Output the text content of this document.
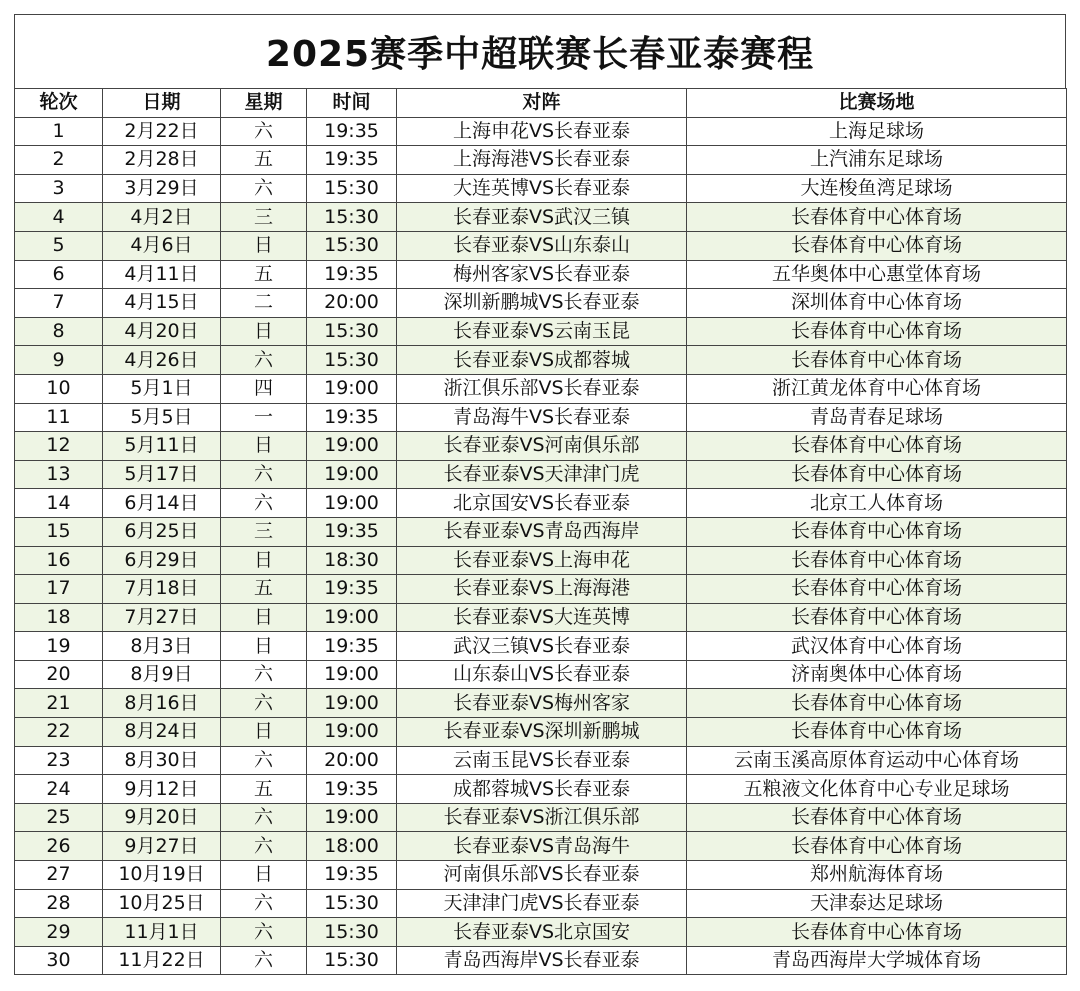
2025赛季中超联赛长春亚泰赛程
轮次	日期	星期	时间	对阵	比赛场地
1	2月22日	六	19:35	上海申花VS长春亚泰	上海足球场
2	2月28日	五	19:35	上海海港VS长春亚泰	上汽浦东足球场
3	3月29日	六	15:30	大连英博VS长春亚泰	大连梭鱼湾足球场
4	4月2日	三	15:30	长春亚泰VS武汉三镇	长春体育中心体育场
5	4月6日	日	15:30	长春亚泰VS山东泰山	长春体育中心体育场
6	4月11日	五	19:35	梅州客家VS长春亚泰	五华奥体中心惠堂体育场
7	4月15日	二	20:00	深圳新鹏城VS长春亚泰	深圳体育中心体育场
8	4月20日	日	15:30	长春亚泰VS云南玉昆	长春体育中心体育场
9	4月26日	六	15:30	长春亚泰VS成都蓉城	长春体育中心体育场
10	5月1日	四	19:00	浙江俱乐部VS长春亚泰	浙江黄龙体育中心体育场
11	5月5日	一	19:35	青岛海牛VS长春亚泰	青岛青春足球场
12	5月11日	日	19:00	长春亚泰VS河南俱乐部	长春体育中心体育场
13	5月17日	六	19:00	长春亚泰VS天津津门虎	长春体育中心体育场
14	6月14日	六	19:00	北京国安VS长春亚泰	北京工人体育场
15	6月25日	三	19:35	长春亚泰VS青岛西海岸	长春体育中心体育场
16	6月29日	日	18:30	长春亚泰VS上海申花	长春体育中心体育场
17	7月18日	五	19:35	长春亚泰VS上海海港	长春体育中心体育场
18	7月27日	日	19:00	长春亚泰VS大连英博	长春体育中心体育场
19	8月3日	日	19:35	武汉三镇VS长春亚泰	武汉体育中心体育场
20	8月9日	六	19:00	山东泰山VS长春亚泰	济南奥体中心体育场
21	8月16日	六	19:00	长春亚泰VS梅州客家	长春体育中心体育场
22	8月24日	日	19:00	长春亚泰VS深圳新鹏城	长春体育中心体育场
23	8月30日	六	20:00	云南玉昆VS长春亚泰	云南玉溪高原体育运动中心体育场
24	9月12日	五	19:35	成都蓉城VS长春亚泰	五粮液文化体育中心专业足球场
25	9月20日	六	19:00	长春亚泰VS浙江俱乐部	长春体育中心体育场
26	9月27日	六	18:00	长春亚泰VS青岛海牛	长春体育中心体育场
27	10月19日	日	19:35	河南俱乐部VS长春亚泰	郑州航海体育场
28	10月25日	六	15:30	天津津门虎VS长春亚泰	天津泰达足球场
29	11月1日	六	15:30	长春亚泰VS北京国安	长春体育中心体育场
30	11月22日	六	15:30	青岛西海岸VS长春亚泰	青岛西海岸大学城体育场
